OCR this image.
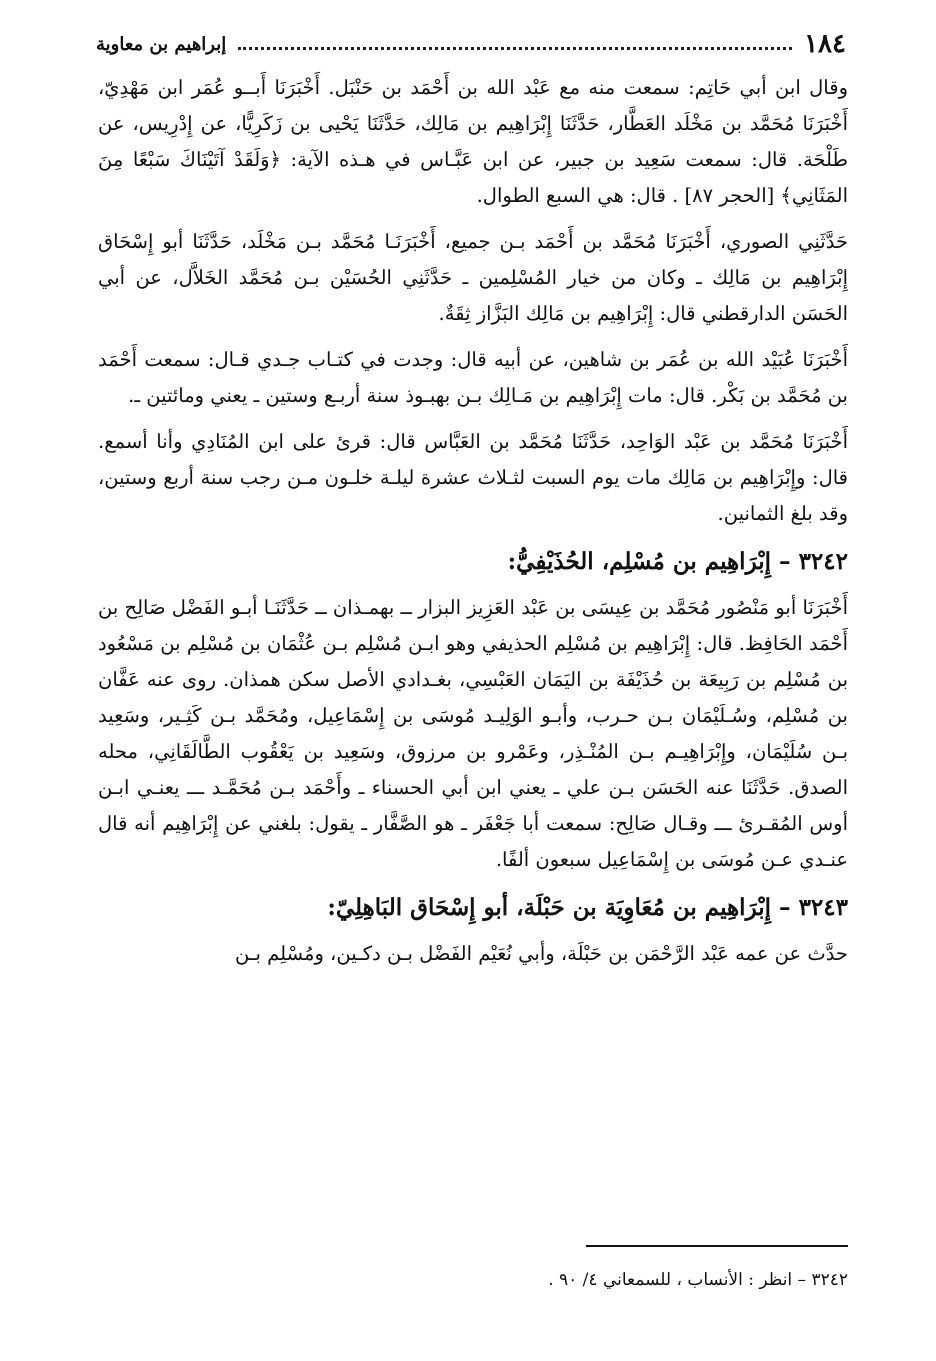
١٨٤
إبراهيم بن معاوية

وقال ابن أبي حَاتِم: سمعت منه مع عَبْد الله بن أَحْمَد بن حَنْبَل. أَخْبَرَنَا أَبــو عُمَر ابن مَهْدِيّ، أَخْبَرَنَا مُحَمَّد بن مَخْلَد العَطَّار، حَدَّثَنَا إِبْرَاهِيم بن مَالِك، حَدَّثَنَا يَحْيى بن زَكَرِيًّا، عن إِدْرِيس، عن طَلْحَة. قال: سمعت سَعِيد بن جبير، عن ابن عَبَّـاس في هـذه الآية: ﴿وَلَقَدْ آتَيْنَاكَ سَبْعًا مِنَ المَثَانِي﴾ [الحجر ٨٧] . قال: هي السبع الطوال.

حَدَّثَنِي الصوري، أَخْبَرَنَا مُحَمَّد بن أَحْمَد بـن جميع، أَخْبَرَنَـا مُحَمَّد بـن مَخْلَد، حَدَّثَنَا أبو إِسْحَاق إِبْرَاهِيم بن مَالِك ـ وكان من خيار المُسْلِمين ـ حَدَّثَنِي الحُسَيْن بـن مُحَمَّد الخَلاَّل، عن أبي الحَسَن الدارقطني قال: إِبْرَاهِيم بن مَالِك البَزَّاز ثِقَةٌ.

أَخْبَرَنَا عُبَيْد الله بن عُمَر بن شاهين، عن أبيه قال: وجدت في كتـاب جـدي قـال: سمعت أَحْمَد بن مُحَمَّد بن بَكْر. قال: مات إِبْرَاهِيم بن مَـالِك بـن بهبـوذ سنة أربـع وستين ـ يعني ومائتين ـ.

أَخْبَرَنَا مُحَمَّد بن عَبْد الوَاحِد، حَدَّثَنَا مُحَمَّد بن العَبَّاس قال: قرئ على ابن المُنَادِي وأنا أسمع. قال: وإِبْرَاهِيم بن مَالِك مات يوم السبت لثـلاث عشرة ليلـة خلـون مـن رجب سنة أربع وستين، وقد بلغ الثمانين.

٣٢٤٢ – إِبْرَاهِيم بن مُسْلِم، الحُذَيْفِيُّ:

أَخْبَرَنَا أبو مَنْصُور مُحَمَّد بن عِيسَى بن عَبْد العَزِيز البزار ــ بهمـذان ــ حَدَّثَنَـا أبـو الفَضْل صَالِح بن أَحْمَد الحَافِظ. قال: إِبْرَاهِيم بن مُسْلِم الحذيفي وهو ابـن مُسْلِم بـن عُثْمَان بن مُسْلِم بن مَسْعُود بن مُسْلِم بن رَبِيعَة بن حُذَيْفَة بن اليَمَان العَبْسِي، بغـدادي الأصل سكن همذان. روى عنه عَفَّان بن مُسْلِم، وسُـلَيْمَان بـن حـرب، وأبـو الوَلِيـد مُوسَى بن إِسْمَاعِيل، ومُحَمَّد بـن كَثِـير، وسَعِيد بـن سُلَيْمَان، وإِبْرَاهِيـم بـن المُنْـذِر، وعَمْرو بن مرزوق، وسَعِيد بن يَعْقُوب الطَّالَقَانِي، محله الصدق. حَدَّثَنَا عنه الحَسَن بـن علي ـ يعني ابن أبي الحسناء ـ وأَحْمَد بـن مُحَمَّـد ـــ يعنـي ابـن أوس المُقـرئ ـــ وقـال صَالِح: سمعت أبا جَعْفَر ـ هو الصَّفَّار ـ يقول: بلغني عن إِبْرَاهِيم أنه قال عنـدي عـن مُوسَى بن إِسْمَاعِيل سبعون ألفًا.

٣٢٤٣ – إِبْرَاهِيم بن مُعَاوِيَة بن حَبْلَة، أبو إِسْحَاق البَاهِلِيّ:

حدَّث عن عمه عَبْد الرَّحْمَن بن حَبْلَة، وأبي نُعَيْم الفَضْل بـن دكـين، ومُسْلِم بـن

٣٢٤٢ – انظر : الأنساب ، للسمعاني ٤/ ٩٠ .
